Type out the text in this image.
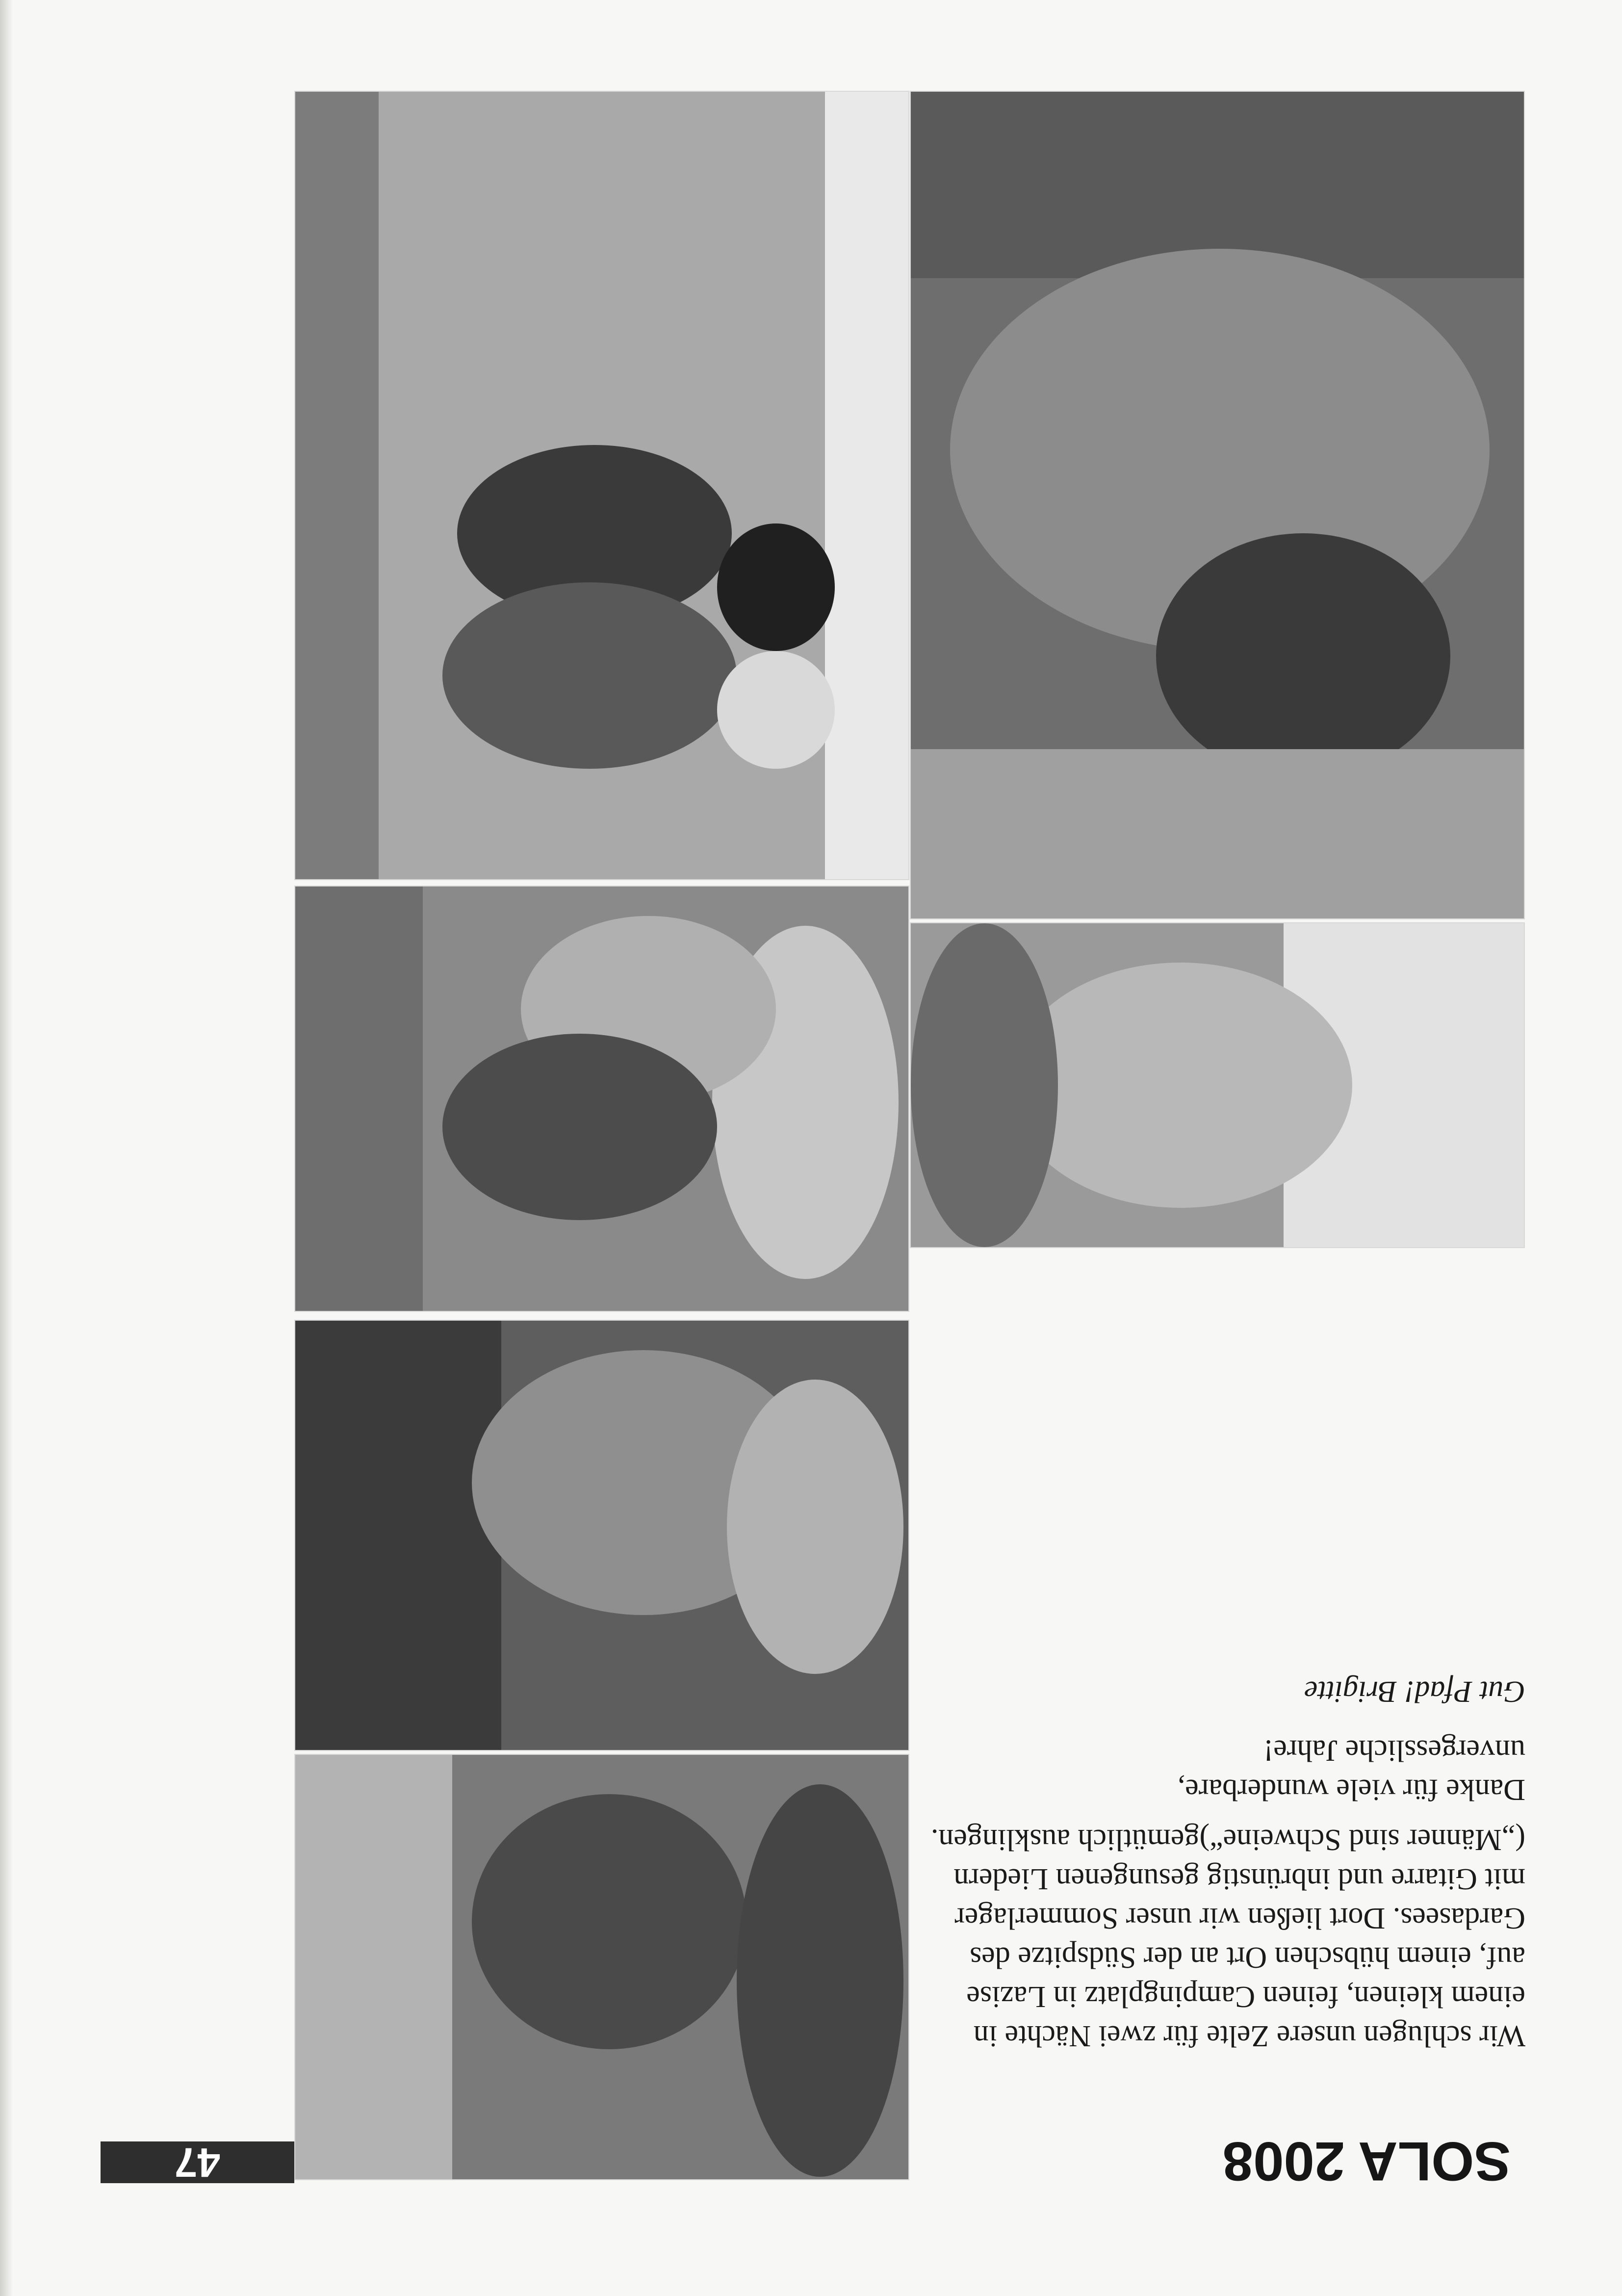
47	SOLA 2008
Wir schlugen unsere Zelte für zwei Nächte in
einem kleinen, feinen Campingplatz in Lazise
auf, einem hübschen Ort an der Südspitze des
Gardasees. Dort ließen wir unser Sommerlager
mit Gitarre und inbrünstig gesungenen Liedern
(„Männer sind Schweine“)gemütlich ausklingen.
Danke für viele wunderbare,
unvergessliche Jahre!
Gut Pfad! Brigitte
